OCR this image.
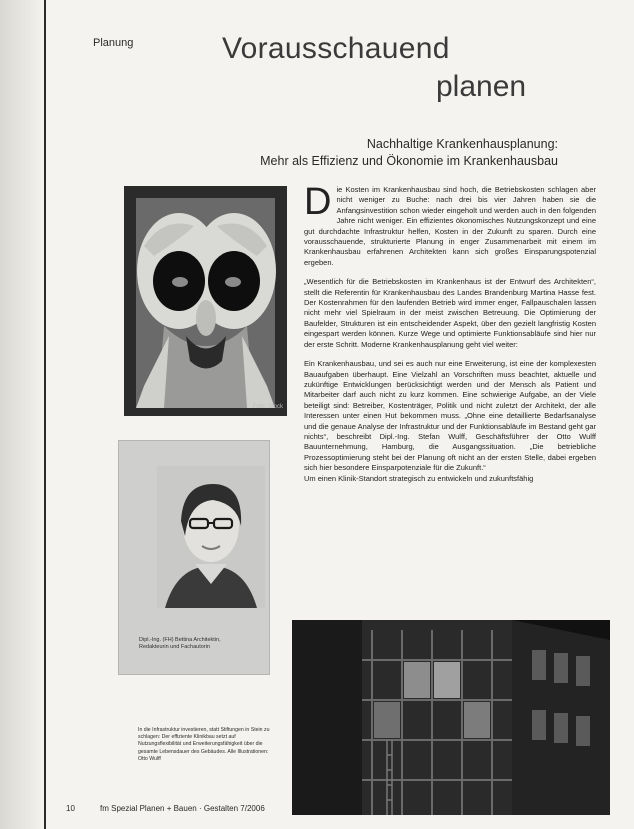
Planung	Vorausschauend
planen
Nachhaltige Krankenhausplanung:
Mehr als Effizienz und Ökonomie im Krankenhausbau
Foto: Stock
Dipl.-Ing. (FH) Bettina Architektin, Redakteurin und Fachautorin
In die Infrastruktur investieren, statt Stiftungen in Stein zu schlagen: Der effiziente Klinikbau setzt auf Nutzungsflexibilität und Erweiterungsfähigkeit über die gesamte Lebensdauer des Gebäudes. Alle Illustrationen: Otto Wulff

Die Kosten im Krankenhausbau sind hoch, die Betriebskosten schlagen aber nicht weniger zu Buche: nach drei bis vier Jahren haben sie die Anfangsinvestition schon wieder eingeholt und werden auch in den folgenden Jahre nicht weniger. Ein effizientes ökonomisches Nutzungskonzept und eine gut durchdachte Infrastruktur helfen, Kosten in der Zukunft zu sparen. Durch eine vorausschauende, strukturierte Planung in enger Zusammenarbeit mit einem im Krankenhausbau erfahrenen Architekten kann sich großes Einsparungspotenzial ergeben.

„Wesentlich für die Betriebskosten im Krankenhaus ist der Entwurf des Architekten“, stellt die Referentin für Krankenhausbau des Landes Brandenburg Martina Hasse fest. Der Kostenrahmen für den laufenden Betrieb wird immer enger, Fallpauschalen lassen nicht mehr viel Spielraum in der meist zwischen Betreuung. Die Optimierung der Baufelder, Strukturen ist ein entscheidender Aspekt, über den gezielt langfristig Kosten eingespart werden können. Kurze Wege und optimierte Funktionsabläufe sind hier nur der erste Schritt. Moderne Krankenhausplanung geht viel weiter:

Ein Krankenhausbau, und sei es auch nur eine Erweiterung, ist eine der komplexesten Bauaufgaben überhaupt. Eine Vielzahl an Vorschriften muss beachtet, aktuelle und zukünftige Entwicklungen berücksichtigt werden und der Mensch als Patient und Mitarbeiter darf auch nicht zu kurz kommen. Eine schwierige Aufgabe, an der Viele beteiligt sind: Betreiber, Kostenträger, Politik und nicht zuletzt der Architekt, der alle Interessen unter einen Hut bekommen muss. „Ohne eine detaillierte Bedarfsanalyse und die genaue Analyse der Infrastruktur und der Funktionsabläufe im Bestand geht gar nichts“, beschreibt Dipl.-Ing. Stefan Wulff, Geschäftsführer der Otto Wulff Bauunternehmung, Hamburg, die Ausgangssituation. „Die betriebliche Prozessoptimierung steht bei der Planung oft nicht an der ersten Stelle, dabei ergeben sich hier besondere Einsparpotenziale für die Zukunft.“

Um einen Klinik-Standort strategisch zu entwickeln und zukunftsfähig

10	fm Spezial Planen + Bauen · Gestalten 7/2006
